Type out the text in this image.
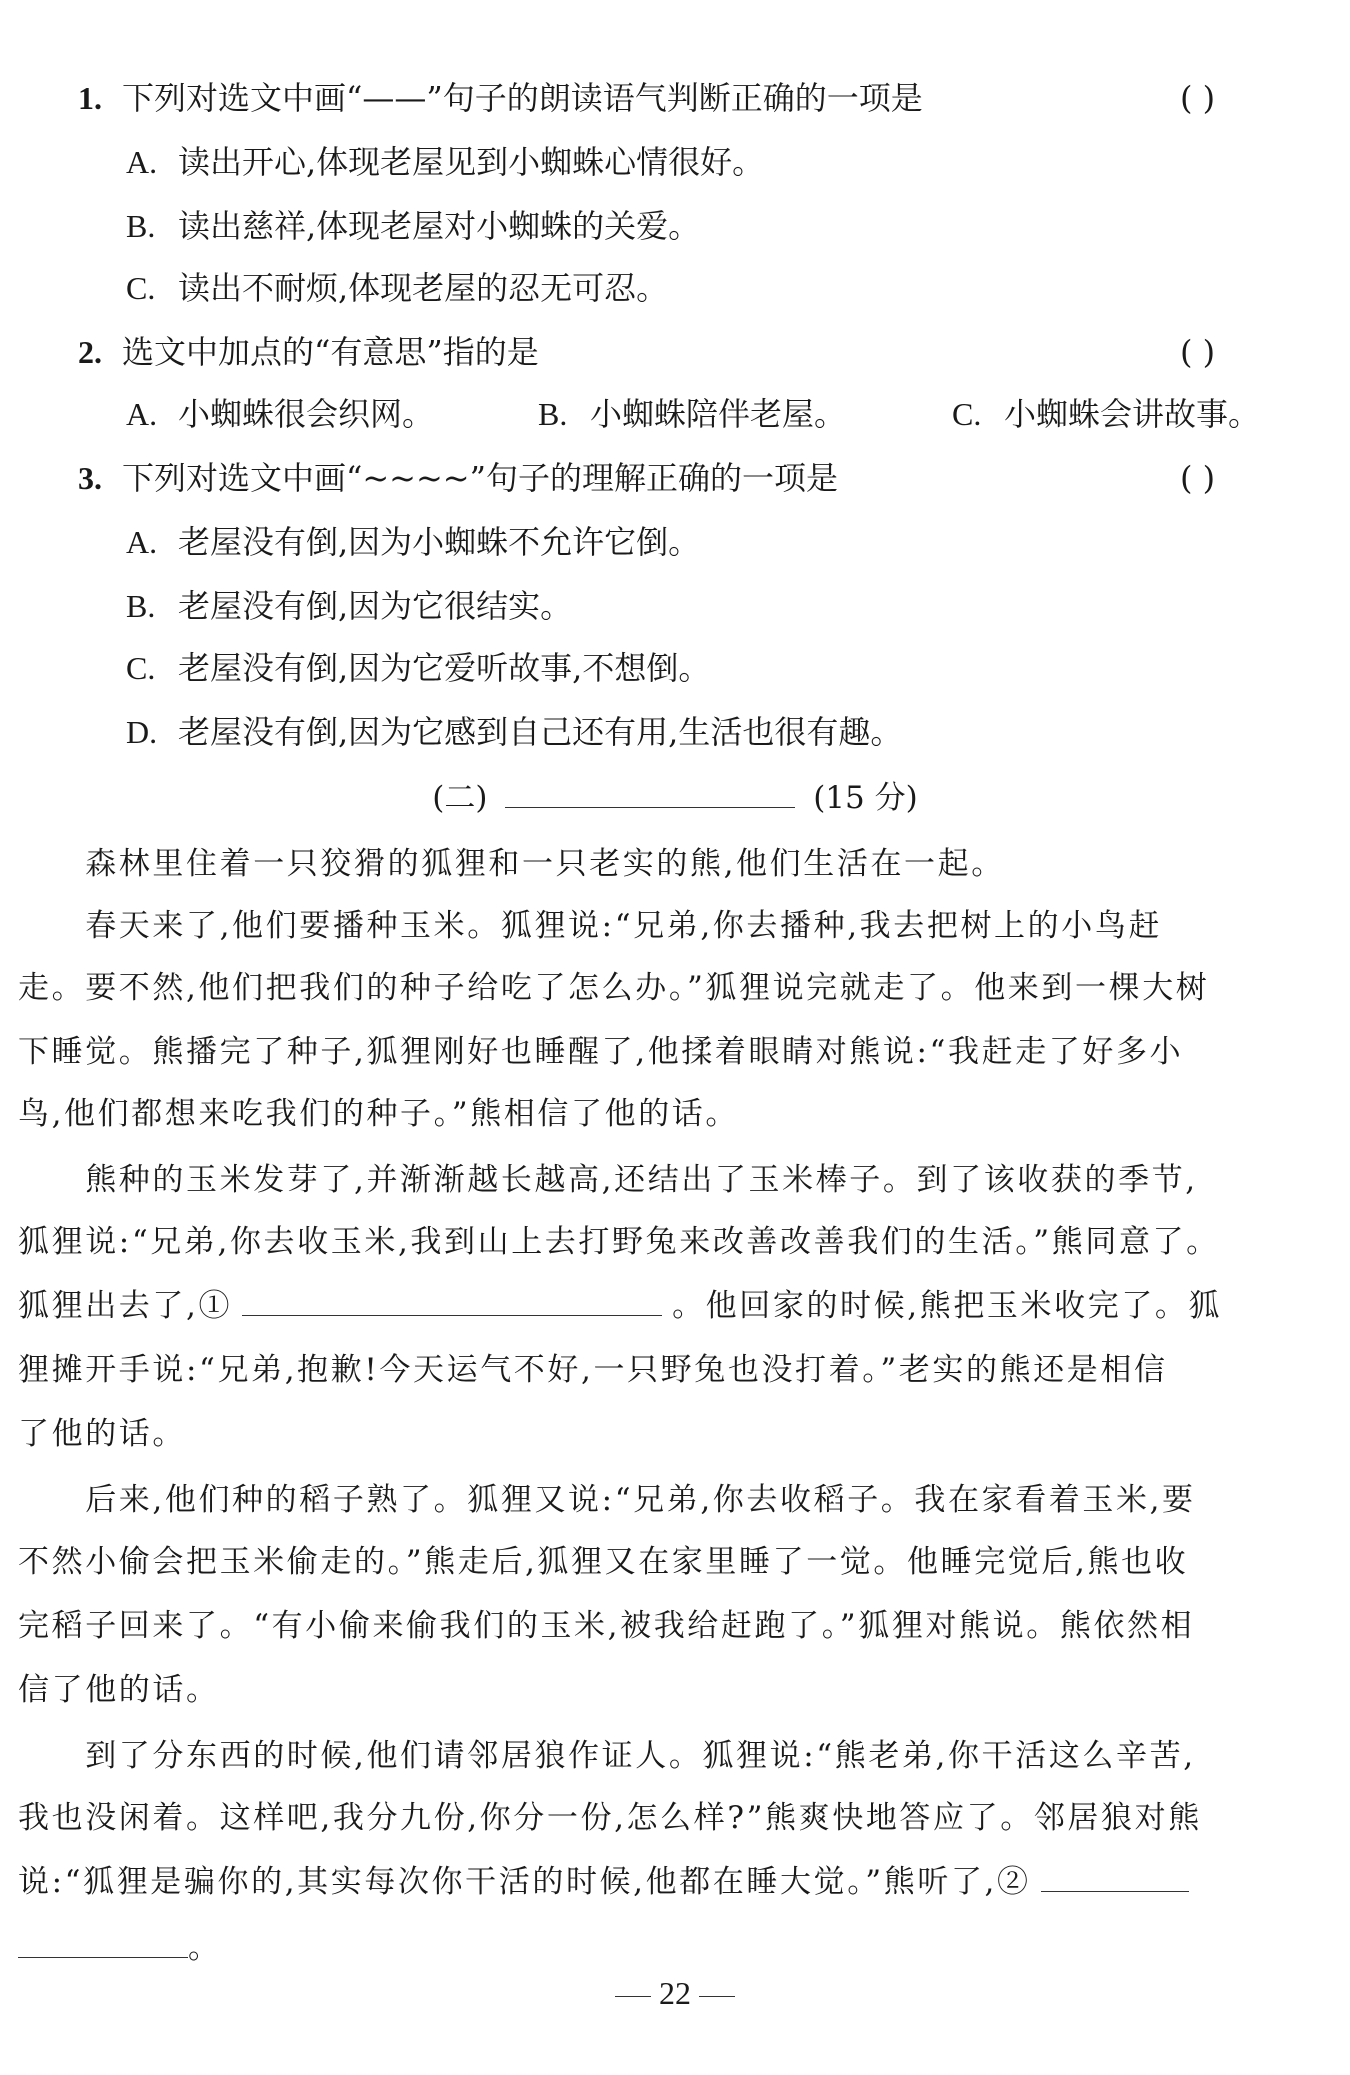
1. 下列对选文中画“——”句子的朗读语气判断正确的一项是	( )
A. 读出开心,体现老屋见到小蜘蛛心情很好。
B. 读出慈祥,体现老屋对小蜘蛛的关爱。
C. 读出不耐烦,体现老屋的忍无可忍。
2. 选文中加点的“有意思”指的是	( )
A. 小蜘蛛很会织网。	B. 小蜘蛛陪伴老屋。	C. 小蜘蛛会讲故事。
3. 下列对选文中画“~~~~”句子的理解正确的一项是	( )
A. 老屋没有倒,因为小蜘蛛不允许它倒。
B. 老屋没有倒,因为它很结实。
C. 老屋没有倒,因为它爱听故事,不想倒。
D. 老屋没有倒,因为它感到自己还有用,生活也很有趣。
(二)	(15 分)
　　森林里住着一只狡猾的狐狸和一只老实的熊,他们生活在一起。
　　春天来了,他们要播种玉米。狐狸说:“兄弟,你去播种,我去把树上的小鸟赶
走。要不然,他们把我们的种子给吃了怎么办。”狐狸说完就走了。他来到一棵大树
下睡觉。熊播完了种子,狐狸刚好也睡醒了,他揉着眼睛对熊说:“我赶走了好多小
鸟,他们都想来吃我们的种子。”熊相信了他的话。
　　熊种的玉米发芽了,并渐渐越长越高,还结出了玉米棒子。到了该收获的季节,
狐狸说:“兄弟,你去收玉米,我到山上去打野兔来改善改善我们的生活。”熊同意了。
狐狸出去了,①	。他回家的时候,熊把玉米收完了。狐
狸摊开手说:“兄弟,抱歉!今天运气不好,一只野兔也没打着。”老实的熊还是相信
了他的话。
　　后来,他们种的稻子熟了。狐狸又说:“兄弟,你去收稻子。我在家看着玉米,要
不然小偷会把玉米偷走的。”熊走后,狐狸又在家里睡了一觉。他睡完觉后,熊也收
完稻子回来了。“有小偷来偷我们的玉米,被我给赶跑了。”狐狸对熊说。熊依然相
信了他的话。
　　到了分东西的时候,他们请邻居狼作证人。狐狸说:“熊老弟,你干活这么辛苦,
我也没闲着。这样吧,我分九份,你分一份,怎么样?”熊爽快地答应了。邻居狼对熊
说:“狐狸是骗你的,其实每次你干活的时候,他都在睡大觉。”熊听了,②
。
22
